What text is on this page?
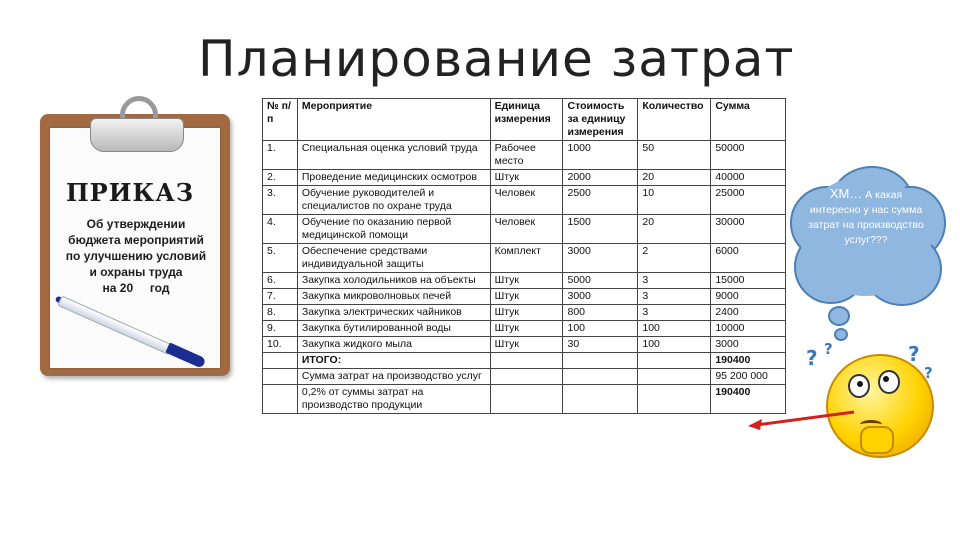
Планирование затрат
ПРИКАЗ
Об утверждении
бюджета мероприятий
по улучшению условий
и охраны труда
на 20     год
№ п/п	Мероприятие	Единица измерения	Стоимость за единицу измерения	Количество	Сумма
1.	Специальная оценка условий труда	Рабочее место	1000	50	50000
2.	Проведение медицинских осмотров	Штук	2000	20	40000
3.	Обучение руководителей и специалистов по охране труда	Человек	2500	10	25000
4.	Обучение по оказанию первой медицинской помощи	Человек	1500	20	30000
5.	Обеспечение средствами индивидуальной защиты	Комплект	3000	2	6000
6.	Закупка холодильников на объекты	Штук	5000	3	15000
7.	Закупка микроволновых печей	Штук	3000	3	9000
8.	Закупка электрических чайников	Штук	800	3	2400
9.	Закупка бутилированной воды	Штук	100	100	10000
10.	Закупка жидкого мыла	Штук	30	100	3000
	ИТОГО:				190400
	Сумма затрат на производство услуг				95 200 000
	0,2% от суммы затрат на производство продукции				190400
ХМ… А какая интересно у нас сумма затрат на производство услуг???
? ?	?
?
